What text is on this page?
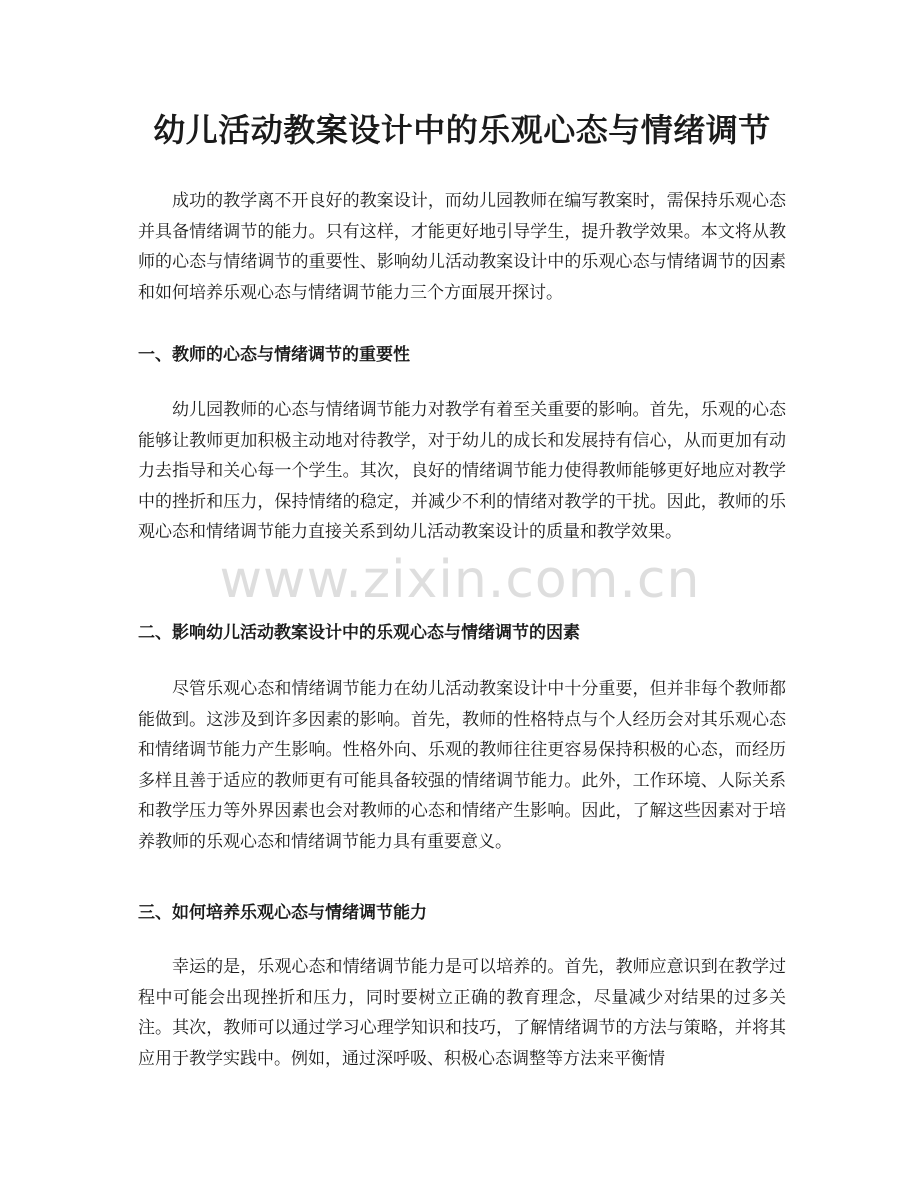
幼儿活动教案设计中的乐观心态与情绪调节

成功的教学离不开良好的教案设计，而幼儿园教师在编写教案时，需保持乐观心态并具备情绪调节的能力。只有这样，才能更好地引导学生，提升教学效果。本文将从教师的心态与情绪调节的重要性、影响幼儿活动教案设计中的乐观心态与情绪调节的因素和如何培养乐观心态与情绪调节能力三个方面展开探讨。

一、教师的心态与情绪调节的重要性

幼儿园教师的心态与情绪调节能力对教学有着至关重要的影响。首先，乐观的心态能够让教师更加积极主动地对待教学，对于幼儿的成长和发展持有信心，从而更加有动力去指导和关心每一个学生。其次，良好的情绪调节能力使得教师能够更好地应对教学中的挫折和压力，保持情绪的稳定，并减少不利的情绪对教学的干扰。因此，教师的乐观心态和情绪调节能力直接关系到幼儿活动教案设计的质量和教学效果。

二、影响幼儿活动教案设计中的乐观心态与情绪调节的因素

尽管乐观心态和情绪调节能力在幼儿活动教案设计中十分重要，但并非每个教师都能做到。这涉及到许多因素的影响。首先，教师的性格特点与个人经历会对其乐观心态和情绪调节能力产生影响。性格外向、乐观的教师往往更容易保持积极的心态，而经历多样且善于适应的教师更有可能具备较强的情绪调节能力。此外，工作环境、人际关系和教学压力等外界因素也会对教师的心态和情绪产生影响。因此，了解这些因素对于培养教师的乐观心态和情绪调节能力具有重要意义。

三、如何培养乐观心态与情绪调节能力

幸运的是，乐观心态和情绪调节能力是可以培养的。首先，教师应意识到在教学过程中可能会出现挫折和压力，同时要树立正确的教育理念，尽量减少对结果的过多关注。其次，教师可以通过学习心理学知识和技巧，了解情绪调节的方法与策略，并将其应用于教学实践中。例如，通过深呼吸、积极心态调整等方法来平衡情

www.zixin.com.cn
